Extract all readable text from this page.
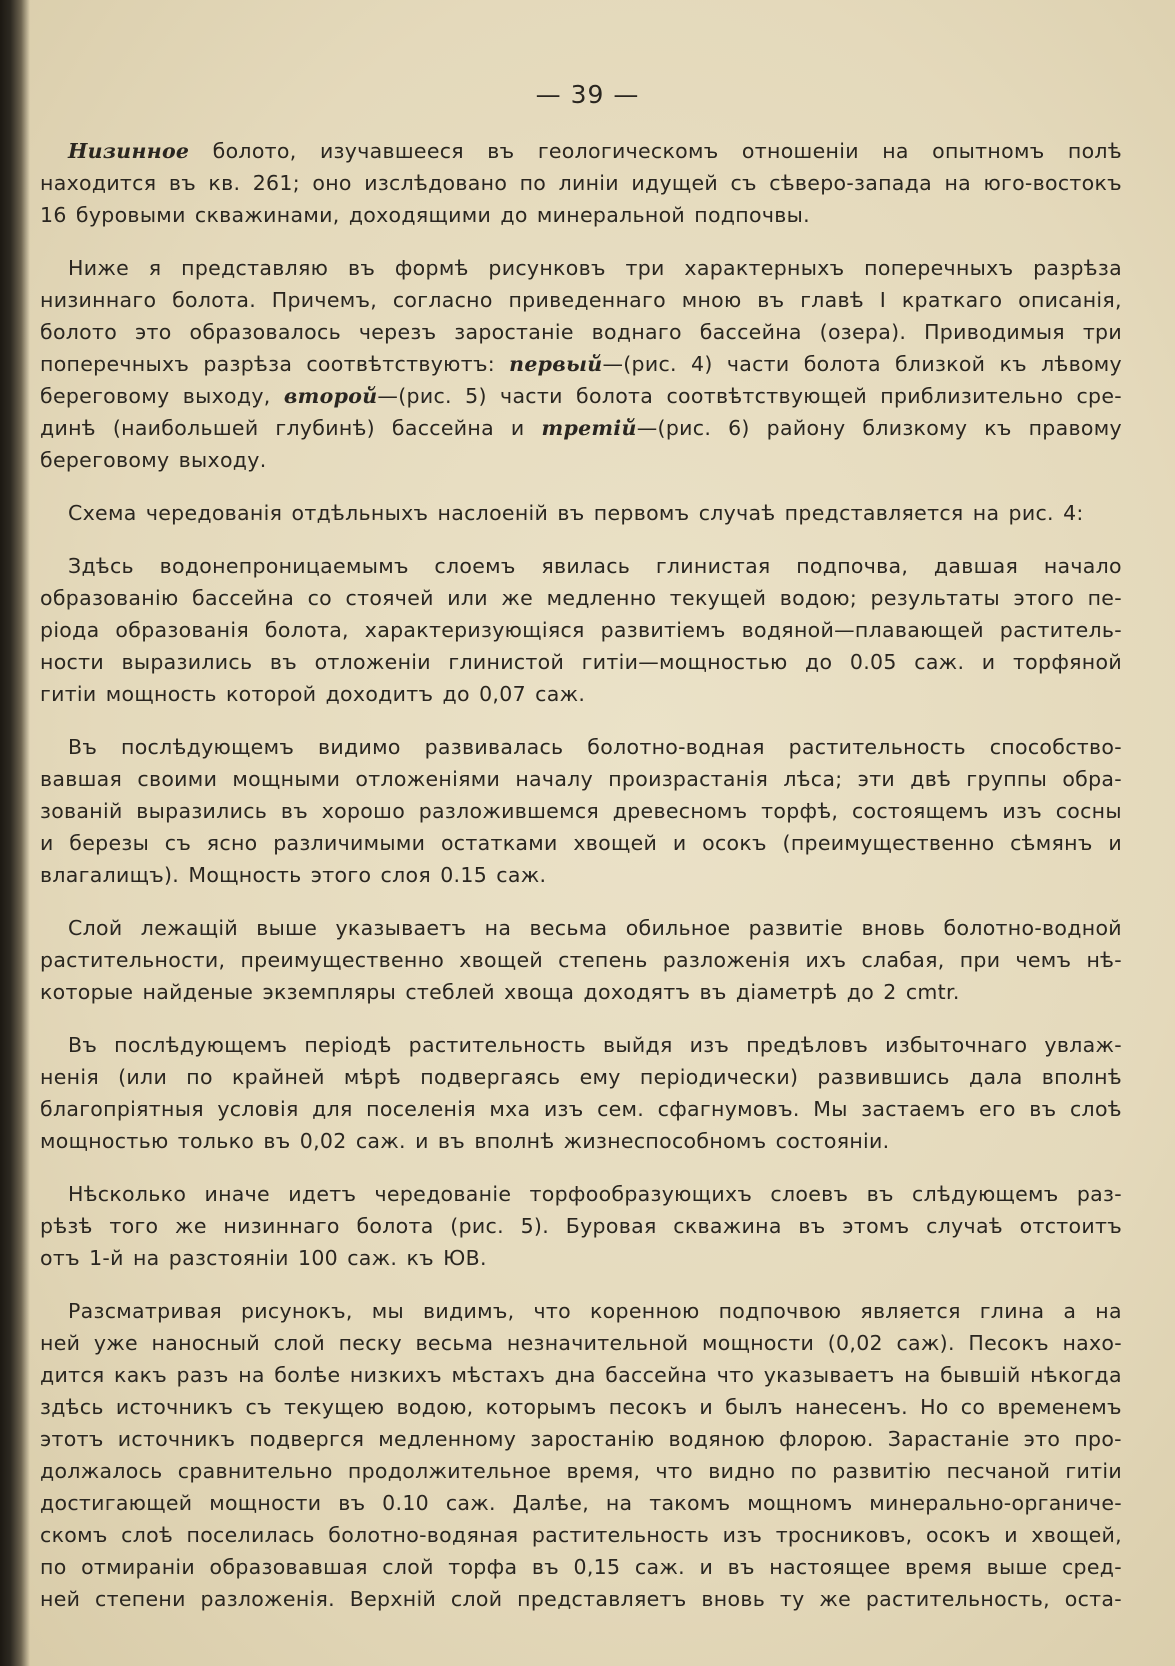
— 39 —
Низинное болото, изучавшееся въ геологическомъ отношенiи на опытномъ полѣ
находится въ кв. 261; оно изслѣдовано по линiи идущей съ сѣверо-запада на юго-востокъ
16 буровыми скважинами, доходящими до минеральной подпочвы.
Ниже я представляю въ формѣ рисунковъ три характерныхъ поперечныхъ разрѣза
низиннаго болота. Причемъ, согласно приведеннаго мною въ главѣ I краткаго описанiя,
болото это образовалось черезъ заростанiе воднаго бассейна (озера). Приводимыя три
поперечныхъ разрѣза соотвѣтствуютъ: первый—(рис. 4) части болота близкой къ лѣвому
береговому выходу, второй—(рис. 5) части болота соотвѣтствующей приблизительно сре-
динѣ (наибольшей глубинѣ) бассейна и третiй—(рис. 6) району близкому къ правому
береговому выходу.
Схема чередованiя отдѣльныхъ наслоенiй въ первомъ случаѣ представляется на рис. 4:
Здѣсь водонепроницаемымъ слоемъ явилась глинистая подпочва, давшая начало
образованiю бассейна со стоячей или же медленно текущей водою; результаты этого пе-
рiода образованiя болота, характеризующiяся развитiемъ водяной—плавающей раститель-
ности выразились въ отложенiи глинистой гитiи—мощностью до 0.05 саж. и торфяной
гитiи мощность которой доходитъ до 0,07 саж.
Въ послѣдующемъ видимо развивалась болотно-водная растительность способство-
вавшая своими мощными отложенiями началу произрастанiя лѣса; эти двѣ группы обра-
зованiй выразились въ хорошо разложившемся древесномъ торфѣ, состоящемъ изъ сосны
и березы съ ясно различимыми остатками хвощей и осокъ (преимущественно сѣмянъ и
влагалищъ). Мощность этого слоя 0.15 саж.
Слой лежащiй выше указываетъ на весьма обильное развитiе вновь болотно-водной
растительности, преимущественно хвощей степень разложенiя ихъ слабая, при чемъ нѣ-
которые найденые экземпляры стеблей хвоща доходятъ въ дiаметрѣ до 2 cmtr.
Въ послѣдующемъ перiодѣ растительность выйдя изъ предѣловъ избыточнаго увлаж-
ненiя (или по крайней мѣрѣ подвергаясь ему перiодически) развившись дала вполнѣ
благопрiятныя условiя для поселенiя мха изъ сем. сфагнумовъ. Мы застаемъ его въ слоѣ
мощностью только въ 0,02 саж. и въ вполнѣ жизнеспособномъ состоянiи.
Нѣсколько иначе идетъ чередованiе торфообразующихъ слоевъ въ слѣдующемъ раз-
рѣзѣ того же низиннаго болота (рис. 5). Буровая скважина въ этомъ случаѣ отстоитъ
отъ 1-й на разстоянiи 100 саж. къ ЮВ.
Разсматривая рисунокъ, мы видимъ, что коренною подпочвою является глина а на
ней уже наносный слой песку весьма незначительной мощности (0,02 саж). Песокъ нахо-
дится какъ разъ на болѣе низкихъ мѣстахъ дна бассейна что указываетъ на бывшiй нѣкогда
здѣсь источникъ съ текущею водою, которымъ песокъ и былъ нанесенъ. Но со временемъ
этотъ источникъ подвергся медленному заростанiю водяною флорою. Зарастанiе это про-
должалось сравнительно продолжительное время, что видно по развитiю песчаной гитiи
достигающей мощности въ 0.10 саж. Далѣе, на такомъ мощномъ минерально-органиче-
скомъ слоѣ поселилась болотно-водяная растительность изъ тросниковъ, осокъ и хвощей,
по отмиранiи образовавшая слой торфа въ 0,15 саж. и въ настоящее время выше сред-
ней степени разложенiя. Верхнiй слой представляетъ вновь ту же растительность, оста-
